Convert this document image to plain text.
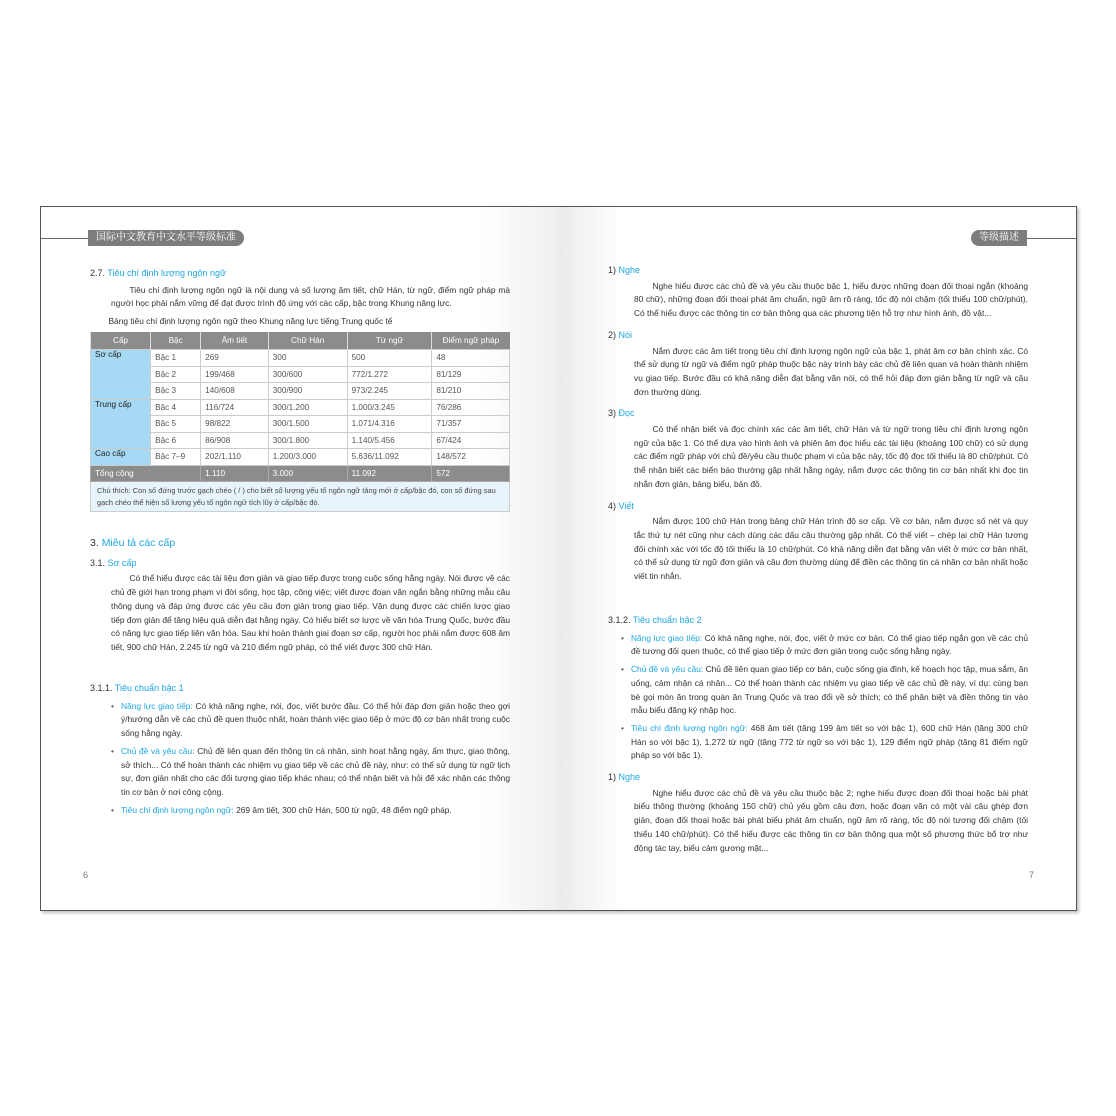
国际中文教育中文水平等级标准
2.7. Tiêu chí định lượng ngôn ngữ

Tiêu chí định lượng ngôn ngữ là nội dung và số lượng âm tiết, chữ Hán, từ ngữ, điểm ngữ pháp mà người học phải nắm vững để đạt được trình độ ứng với các cấp, bậc trong Khung năng lực.

Bảng tiêu chí định lượng ngôn ngữ theo Khung năng lực tiếng Trung quốc tế

Cấp	Bậc	Âm tiết	Chữ Hán	Từ ngữ	Điểm ngữ pháp
Sơ cấp	Bậc 1	269	300	500	48
	Bậc 2	199/468	300/600	772/1.272	81/129
	Bậc 3	140/608	300/900	973/2.245	81/210
Trung cấp	Bậc 4	116/724	300/1.200	1.000/3.245	76/286
	Bậc 5	98/822	300/1.500	1.071/4.316	71/357
	Bậc 6	86/908	300/1.800	1.140/5.456	67/424
Cao cấp	Bậc 7–9	202/1.110	1.200/3.000	5.636/11.092	148/572
Tổng cộng		1.110	3.000	11.092	572
Chú thích: Con số đứng trước gạch chéo ( / ) cho biết số lượng yếu tố ngôn ngữ tăng mới ở cấp/bậc đó, con số đứng sau gạch chéo thể hiện số lượng yếu tố ngôn ngữ tích lũy ở cấp/bậc đó.					
3. Miêu tả các cấp
3.1. Sơ cấp

Có thể hiểu được các tài liệu đơn giản và giao tiếp được trong cuộc sống hằng ngày. Nói được về các chủ đề giới hạn trong phạm vi đời sống, học tập, công việc; viết được đoạn văn ngắn bằng những mẫu câu thông dụng và đáp ứng được các yêu cầu đơn giản trong giao tiếp. Vận dụng được các chiến lược giao tiếp đơn giản để tăng hiệu quả diễn đạt hằng ngày. Có hiểu biết sơ lược về văn hóa Trung Quốc, bước đầu có năng lực giao tiếp liên văn hóa. Sau khi hoàn thành giai đoạn sơ cấp, người học phải nắm được 608 âm tiết, 900 chữ Hán, 2.245 từ ngữ và 210 điểm ngữ pháp, có thể viết được 300 chữ Hán.

3.1.1. Tiêu chuẩn bậc 1

• Năng lực giao tiếp: Có khả năng nghe, nói, đọc, viết bước đầu. Có thể hỏi đáp đơn giản hoặc theo gợi ý/hướng dẫn về các chủ đề quen thuộc nhất, hoàn thành việc giao tiếp ở mức độ cơ bản nhất trong cuộc sống hằng ngày.

• Chủ đề và yêu cầu: Chủ đề liên quan đến thông tin cá nhân, sinh hoạt hằng ngày, ẩm thực, giao thông, sở thích... Có thể hoàn thành các nhiệm vụ giao tiếp về các chủ đề này, như: có thể sử dụng từ ngữ lịch sự, đơn giản nhất cho các đối tượng giao tiếp khác nhau; có thể nhận biết và hỏi để xác nhận các thông tin cơ bản ở nơi công cộng.

• Tiêu chí định lượng ngôn ngữ: 269 âm tiết, 300 chữ Hán, 500 từ ngữ, 48 điểm ngữ pháp.

6
等级描述
1) Nghe

Nghe hiểu được các chủ đề và yêu cầu thuộc bậc 1, hiểu được những đoạn đối thoại ngắn (khoảng 80 chữ), những đoạn đối thoại phát âm chuẩn, ngữ âm rõ ràng, tốc độ nói chậm (tối thiểu 100 chữ/phút). Có thể hiểu được các thông tin cơ bản thông qua các phương tiện hỗ trợ như hình ảnh, đồ vật...

2) Nói

Nắm được các âm tiết trong tiêu chí định lượng ngôn ngữ của bậc 1, phát âm cơ bản chính xác. Có thể sử dụng từ ngữ và điểm ngữ pháp thuộc bậc này trình bày các chủ đề liên quan và hoàn thành nhiệm vụ giao tiếp. Bước đầu có khả năng diễn đạt bằng văn nói, có thể hỏi đáp đơn giản bằng từ ngữ và câu đơn thường dùng.

3) Đọc

Có thể nhận biết và đọc chính xác các âm tiết, chữ Hán và từ ngữ trong tiêu chí định lượng ngôn ngữ của bậc 1. Có thể dựa vào hình ảnh và phiên âm đọc hiểu các tài liệu (khoảng 100 chữ) có sử dụng các điểm ngữ pháp với chủ đề/yêu cầu thuộc phạm vi của bậc này, tốc độ đọc tối thiểu là 80 chữ/phút. Có thể nhận biết các biển báo thường gặp nhất hằng ngày, nắm được các thông tin cơ bản nhất khi đọc tin nhắn đơn giản, bảng biểu, bản đồ.

4) Viết

Nắm được 100 chữ Hán trong bảng chữ Hán trình độ sơ cấp. Về cơ bản, nắm được số nét và quy tắc thứ tự nét cũng như cách dùng các dấu câu thường gặp nhất. Có thể viết – chép lại chữ Hán tương đối chính xác với tốc độ tối thiểu là 10 chữ/phút. Có khả năng diễn đạt bằng văn viết ở mức cơ bản nhất, có thể sử dụng từ ngữ đơn giản và câu đơn thường dùng để điền các thông tin cá nhân cơ bản nhất hoặc viết tin nhắn.

3.1.2. Tiêu chuẩn bậc 2

• Năng lực giao tiếp: Có khả năng nghe, nói, đọc, viết ở mức cơ bản. Có thể giao tiếp ngắn gọn về các chủ đề tương đối quen thuộc, có thể giao tiếp ở mức đơn giản trong cuộc sống hằng ngày.

• Chủ đề và yêu cầu: Chủ đề liên quan giao tiếp cơ bản, cuộc sống gia đình, kế hoạch học tập, mua sắm, ăn uống, cảm nhận cá nhân... Có thể hoàn thành các nhiệm vụ giao tiếp về các chủ đề này, ví dụ: cùng bạn bè gọi món ăn trong quán ăn Trung Quốc và trao đổi về sở thích; có thể phân biệt và điền thông tin vào mẫu biểu đăng ký nhập học.

• Tiêu chí định lượng ngôn ngữ: 468 âm tiết (tăng 199 âm tiết so với bậc 1), 600 chữ Hán (tăng 300 chữ Hán so với bậc 1), 1.272 từ ngữ (tăng 772 từ ngữ so với bậc 1), 129 điểm ngữ pháp (tăng 81 điểm ngữ pháp so với bậc 1).

1) Nghe

Nghe hiểu được các chủ đề và yêu cầu thuộc bậc 2; nghe hiểu được đoạn đối thoại hoặc bài phát biểu thông thường (khoảng 150 chữ) chủ yếu gồm câu đơn, hoặc đoạn văn có một vài câu ghép đơn giản, đoạn đối thoại hoặc bài phát biểu phát âm chuẩn, ngữ âm rõ ràng, tốc độ nói tương đối chậm (tối thiểu 140 chữ/phút). Có thể hiểu được các thông tin cơ bản thông qua một số phương thức bổ trợ như động tác tay, biểu cảm gương mặt...

7
